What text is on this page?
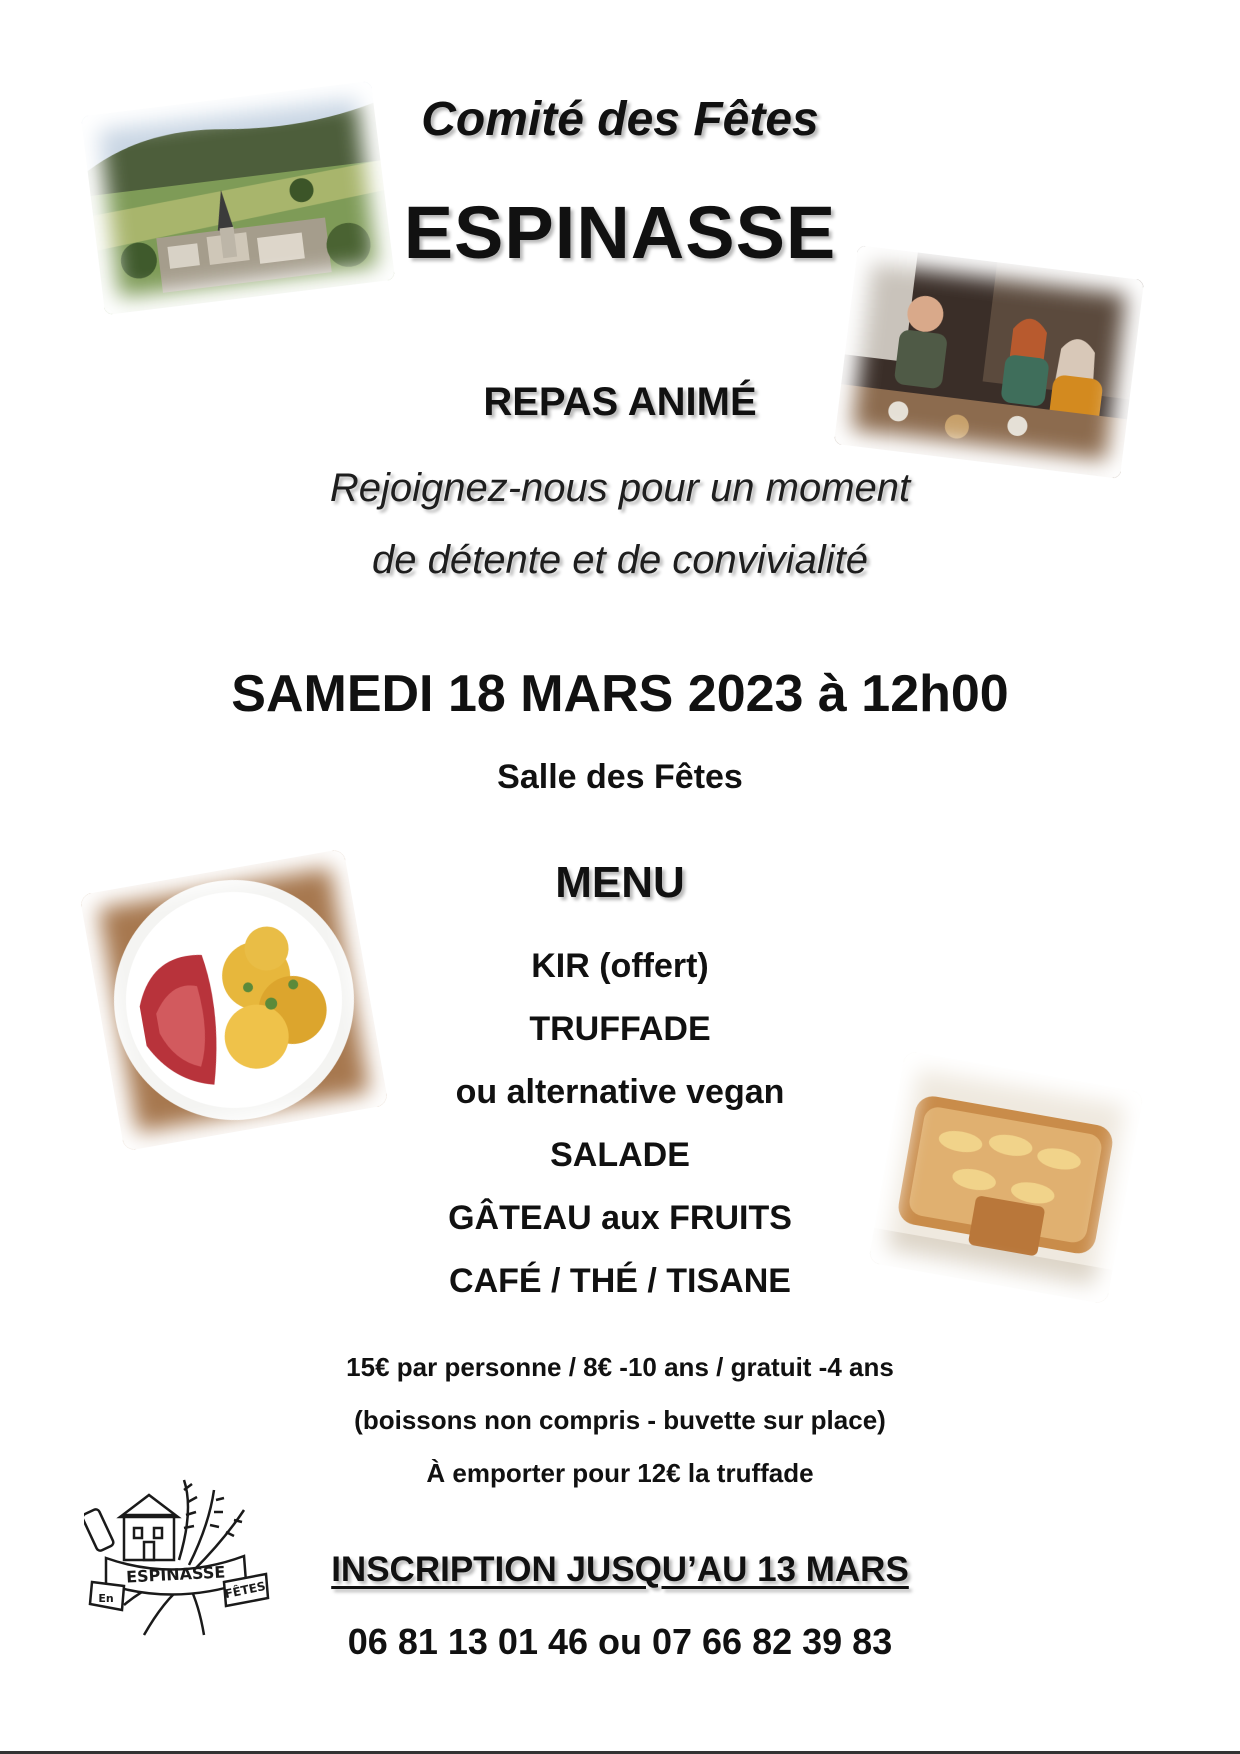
Comité des Fêtes
ESPINASSE
REPAS ANIMÉ
Rejoignez-nous pour un moment
de détente et de convivialité
SAMEDI 18 MARS 2023 à 12h00
Salle des Fêtes
MENU
KIR (offert)
TRUFFADE
ou alternative vegan
SALADE
GÂTEAU aux FRUITS
CAFÉ / THÉ / TISANE
15€ par personne / 8€ -10 ans / gratuit -4 ans
(boissons non compris - buvette sur place)
À emporter pour 12€ la truffade
ESPINASSE
En	FÊTES
INSCRIPTION JUSQU’AU 13 MARS
06 81 13 01 46 ou 07 66 82 39 83
